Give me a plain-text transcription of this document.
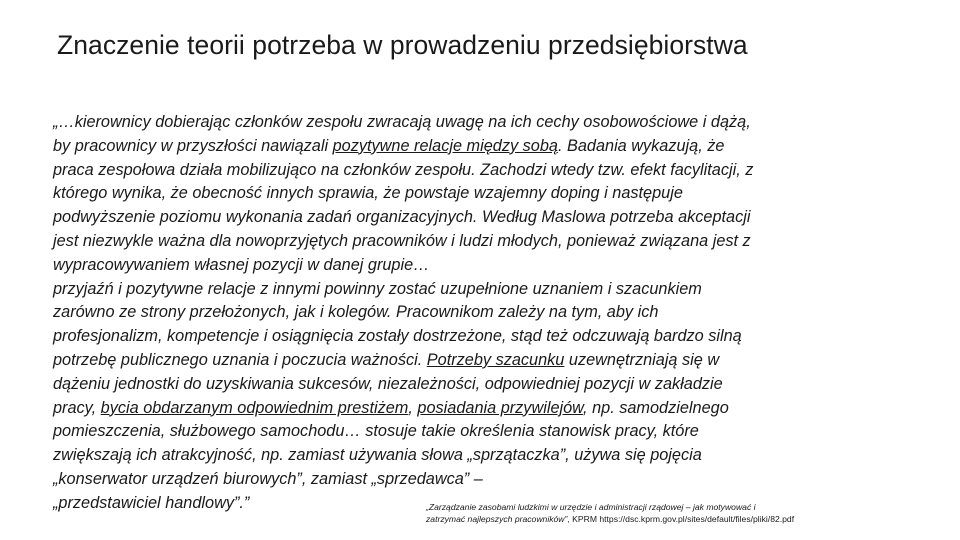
Znaczenie teorii potrzeba w prowadzeniu przedsiębiorstwa
„…kierownicy dobierając członków zespołu zwracają uwagę na ich cechy osobowościowe i dążą,
by pracownicy w przyszłości nawiązali pozytywne relacje między sobą. Badania wykazują, że
praca zespołowa działa mobilizująco na członków zespołu. Zachodzi wtedy tzw. efekt facylitacji, z
którego wynika, że obecność innych sprawia, że powstaje wzajemny doping i następuje
podwyższenie poziomu wykonania zadań organizacyjnych. Według Maslowa potrzeba akceptacji
jest niezwykle ważna dla nowoprzyjętych pracowników i ludzi młodych, ponieważ związana jest z
wypracowywaniem własnej pozycji w danej grupie…
przyjaźń i pozytywne relacje z innymi powinny zostać uzupełnione uznaniem i szacunkiem
zarówno ze strony przełożonych, jak i kolegów. Pracownikom zależy na tym, aby ich
profesjonalizm, kompetencje i osiągnięcia zostały dostrzeżone, stąd też odczuwają bardzo silną
potrzebę publicznego uznania i poczucia ważności. Potrzeby szacunku uzewnętrzniają się w
dążeniu jednostki do uzyskiwania sukcesów, niezależności, odpowiedniej pozycji w zakładzie
pracy, bycia obdarzanym odpowiednim prestiżem, posiadania przywilejów, np. samodzielnego
pomieszczenia, służbowego samochodu… stosuje takie określenia stanowisk pracy, które
zwiększają ich atrakcyjność, np. zamiast używania słowa „sprzątaczka”, używa się pojęcia
„konserwator urządzeń biurowych”, zamiast „sprzedawca” –
„przedstawiciel handlowy”.”	„Zarządzanie zasobami ludzkimi w urzędzie i administracji rządowej – jak motywować i
zatrzymać najlepszych pracowników”, KPRM https://dsc.kprm.gov.pl/sites/default/files/pliki/82.pdf
